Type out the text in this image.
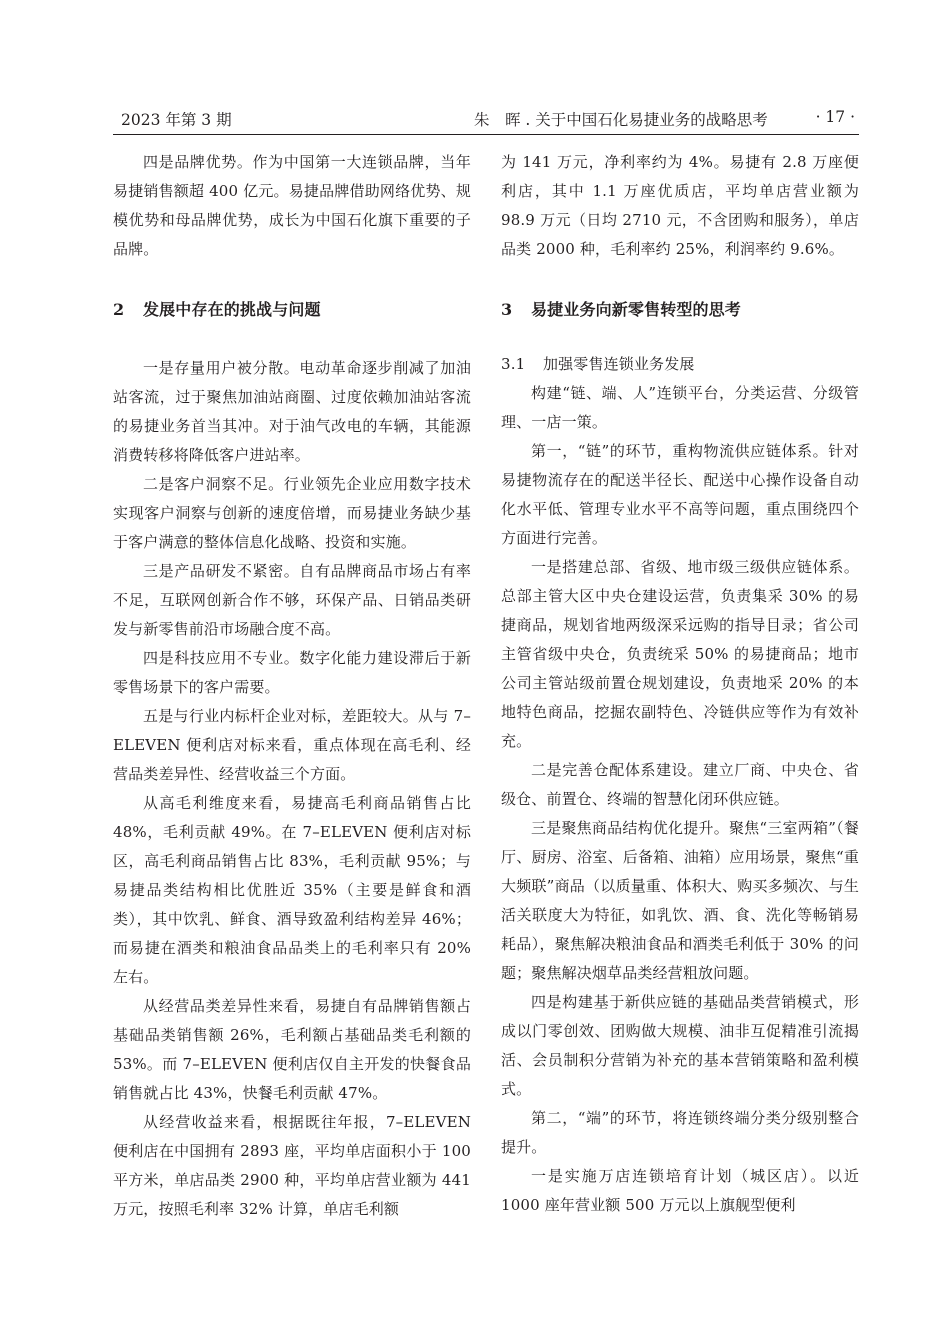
2023 年第 3 期	朱　晖 . 关于中国石化易捷业务的战略思考	· 17 ·

四是品牌优势。作为中国第一大连锁品牌，当年易捷销售额超 400 亿元。易捷品牌借助网络优势、规模优势和母品牌优势，成长为中国石化旗下重要的子品牌。

2 发展中存在的挑战与问题

一是存量用户被分散。电动革命逐步削减了加油站客流，过于聚焦加油站商圈、过度依赖加油站客流的易捷业务首当其冲。对于油气改电的车辆，其能源消费转移将降低客户进站率。

二是客户洞察不足。行业领先企业应用数字技术实现客户洞察与创新的速度倍增，而易捷业务缺少基于客户满意的整体信息化战略、投资和实施。

三是产品研发不紧密。自有品牌商品市场占有率不足，互联网创新合作不够，环保产品、日销品类研发与新零售前沿市场融合度不高。

四是科技应用不专业。数字化能力建设滞后于新零售场景下的客户需要。

五是与行业内标杆企业对标，差距较大。从与 7–ELEVEN 便利店对标来看，重点体现在高毛利、经营品类差异性、经营收益三个方面。

从高毛利维度来看，易捷高毛利商品销售占比 48%，毛利贡献 49%。在 7–ELEVEN 便利店对标区，高毛利商品销售占比 83%，毛利贡献 95%；与易捷品类结构相比优胜近 35%（主要是鲜食和酒类），其中饮乳、鲜食、酒导致盈利结构差异 46%；而易捷在酒类和粮油食品品类上的毛利率只有 20% 左右。

从经营品类差异性来看，易捷自有品牌销售额占基础品类销售额 26%，毛利额占基础品类毛利额的 53%。而 7–ELEVEN 便利店仅自主开发的快餐食品销售就占比 43%，快餐毛利贡献 47%。

从经营收益来看，根据既往年报，7–ELEVEN 便利店在中国拥有 2893 座，平均单店面积小于 100 平方米，单店品类 2900 种，平均单店营业额为 441 万元，按照毛利率 32% 计算，单店毛利额

为 141 万元，净利率约为 4%。易捷有 2.8 万座便利店，其中 1.1 万座优质店，平均单店营业额为 98.9 万元（日均 2710 元，不含团购和服务），单店品类 2000 种，毛利率约 25%，利润率约 9.6%。

3 易捷业务向新零售转型的思考
3.1 加强零售连锁业务发展

构建“链、端、人”连锁平台，分类运营、分级管理、一店一策。

第一，“链”的环节，重构物流供应链体系。针对易捷物流存在的配送半径长、配送中心操作设备自动化水平低、管理专业水平不高等问题，重点围绕四个方面进行完善。

一是搭建总部、省级、地市级三级供应链体系。总部主管大区中央仓建设运营，负责集采 30% 的易捷商品，规划省地两级深采远购的指导目录；省公司主管省级中央仓，负责统采 50% 的易捷商品；地市公司主管站级前置仓规划建设，负责地采 20% 的本地特色商品，挖掘农副特色、冷链供应等作为有效补充。

二是完善仓配体系建设。建立厂商、中央仓、省级仓、前置仓、终端的智慧化闭环供应链。

三是聚焦商品结构优化提升。聚焦“三室两箱”（餐厅、厨房、浴室、后备箱、油箱）应用场景，聚焦“重大频联”商品（以质量重、体积大、购买多频次、与生活关联度大为特征，如乳饮、酒、食、洗化等畅销易耗品），聚焦解决粮油食品和酒类毛利低于 30% 的问题；聚焦解决烟草品类经营粗放问题。

四是构建基于新供应链的基础品类营销模式，形成以门零创效、团购做大规模、油非互促精准引流揭活、会员制积分营销为补充的基本营销策略和盈利模式。

第二，“端”的环节，将连锁终端分类分级别整合提升。

一是实施万店连锁培育计划（城区店）。以近 1000 座年营业额 500 万元以上旗舰型便利
